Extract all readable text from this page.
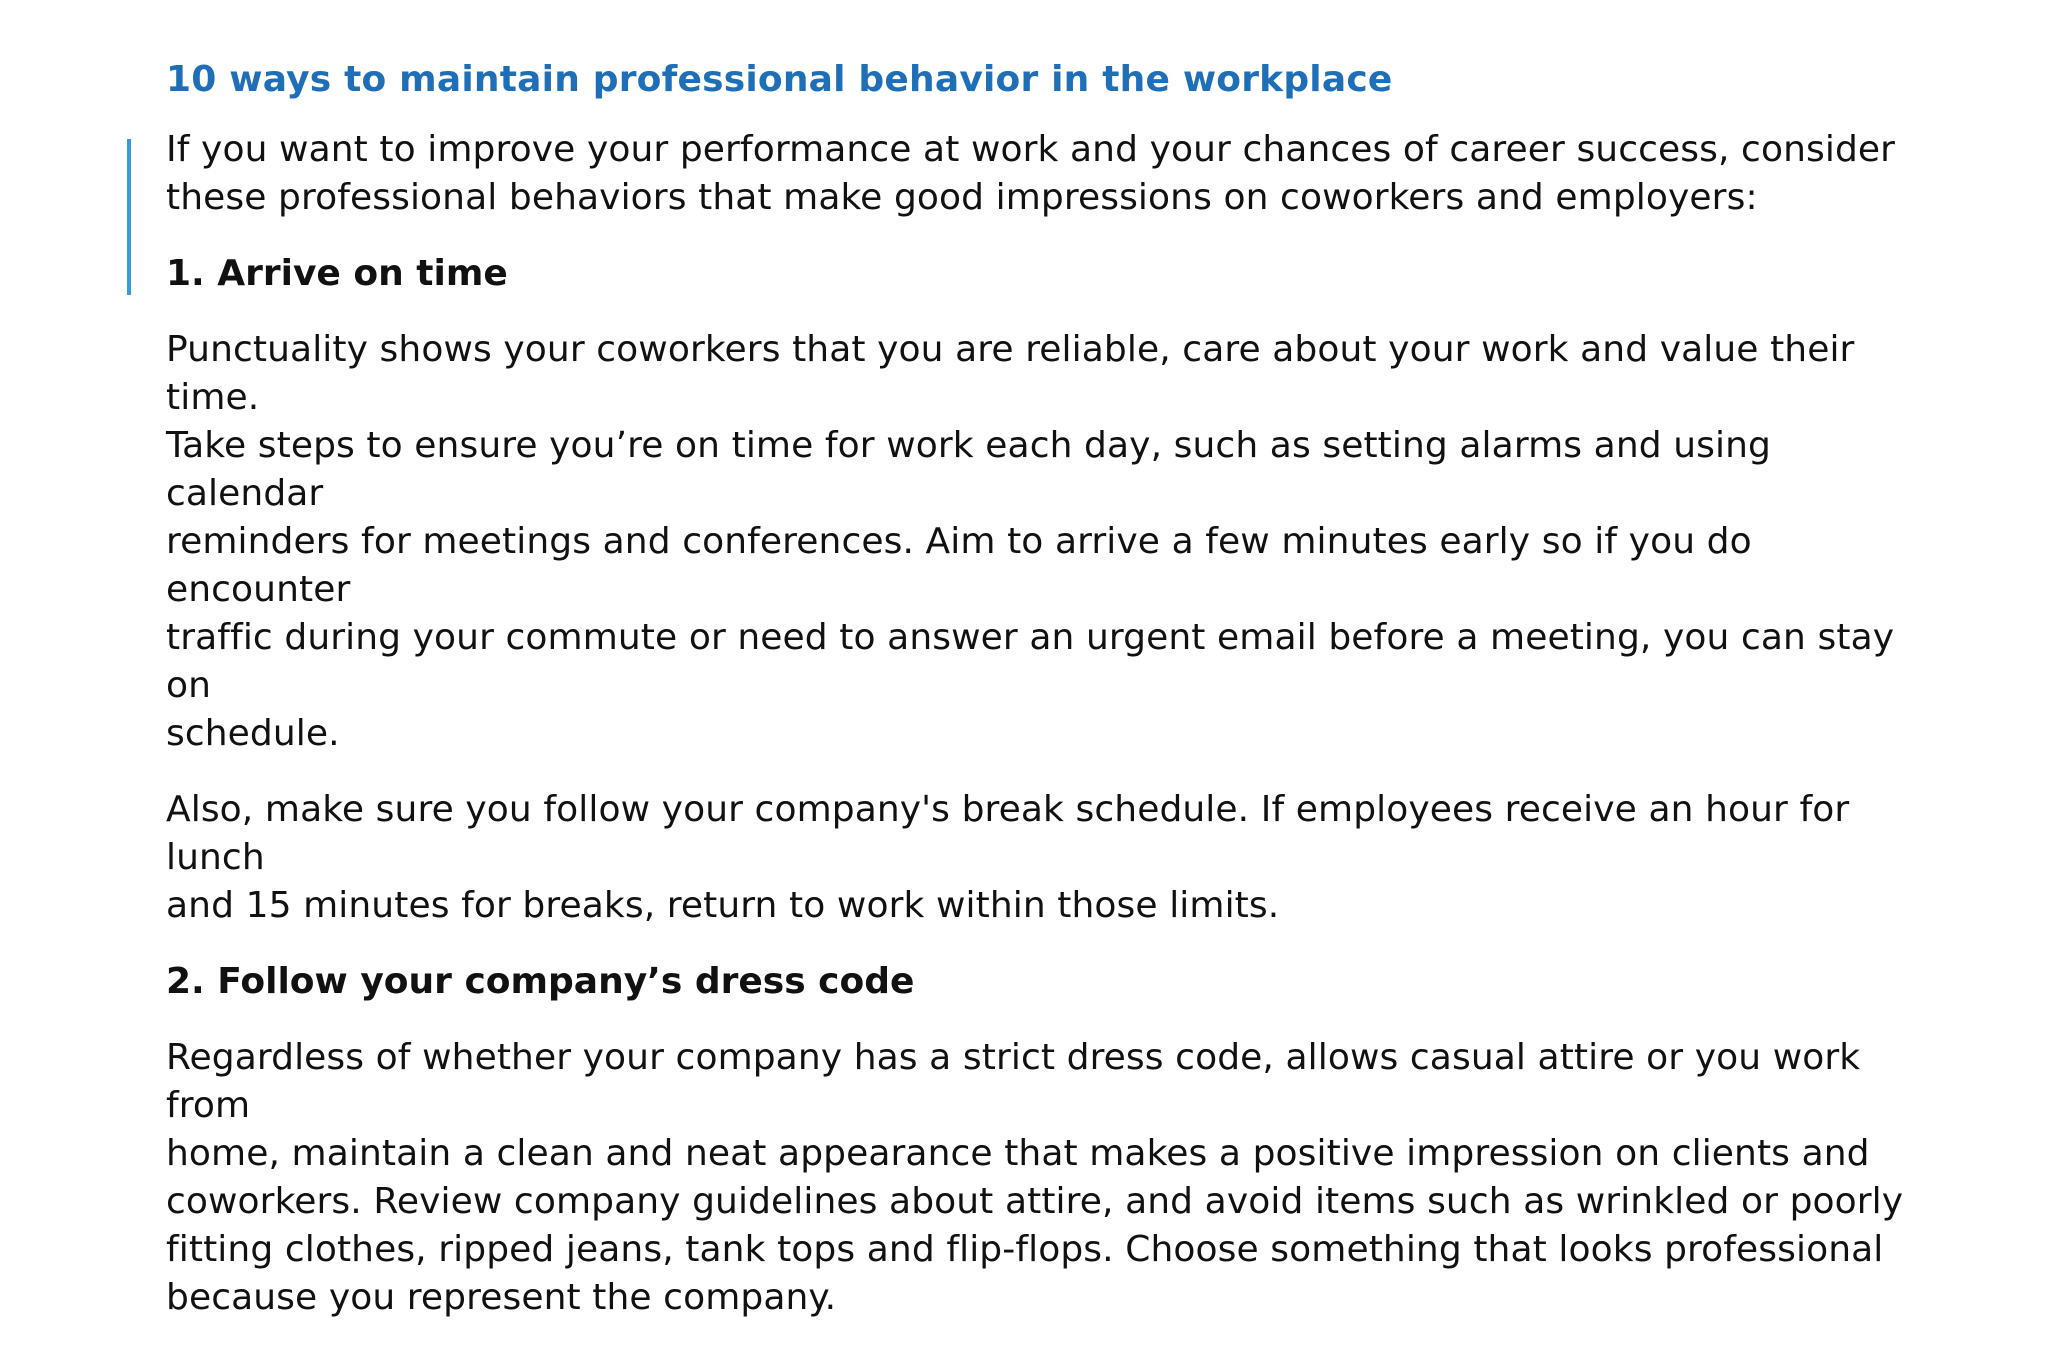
10 ways to maintain professional behavior in the workplace
If you want to improve your performance at work and your chances of career success, consider
these professional behaviors that make good impressions on coworkers and employers:
1. Arrive on time
Punctuality shows your coworkers that you are reliable, care about your work and value their time.
Take steps to ensure you’re on time for work each day, such as setting alarms and using calendar
reminders for meetings and conferences. Aim to arrive a few minutes early so if you do encounter
traffic during your commute or need to answer an urgent email before a meeting, you can stay on
schedule.
Also, make sure you follow your company's break schedule. If employees receive an hour for lunch
and 15 minutes for breaks, return to work within those limits.
2. Follow your company’s dress code
Regardless of whether your company has a strict dress code, allows casual attire or you work from
home, maintain a clean and neat appearance that makes a positive impression on clients and
coworkers. Review company guidelines about attire, and avoid items such as wrinkled or poorly
fitting clothes, ripped jeans, tank tops and flip-flops. Choose something that looks professional
because you represent the company.
